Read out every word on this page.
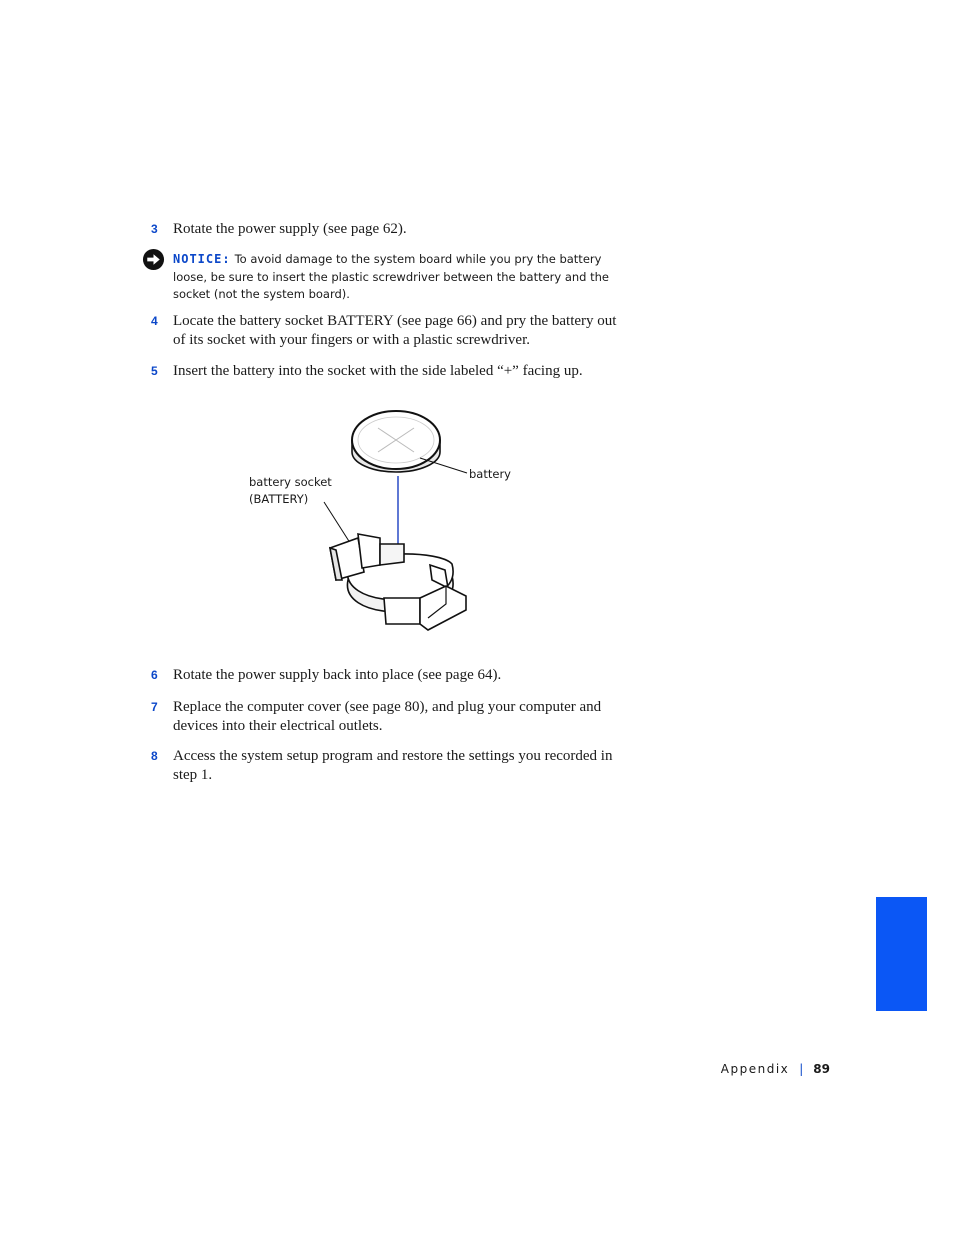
3 Rotate the power supply (see page 62).
NOTICE: To avoid damage to the system board while you pry the battery loose, be sure to insert the plastic screwdriver between the battery and the socket (not the system board).
4 Locate the battery socket BATTERY (see page 66) and pry the battery out of its socket with your fingers or with a plastic screwdriver.
5 Insert the battery into the socket with the side labeled “+” facing up.
battery
battery socket
(BATTERY)
6 Rotate the power supply back into place (see page 64).
7 Replace the computer cover (see page 80), and plug your computer and devices into their electrical outlets.
8 Access the system setup program and restore the settings you recorded in step 1.
Appendix | 89
